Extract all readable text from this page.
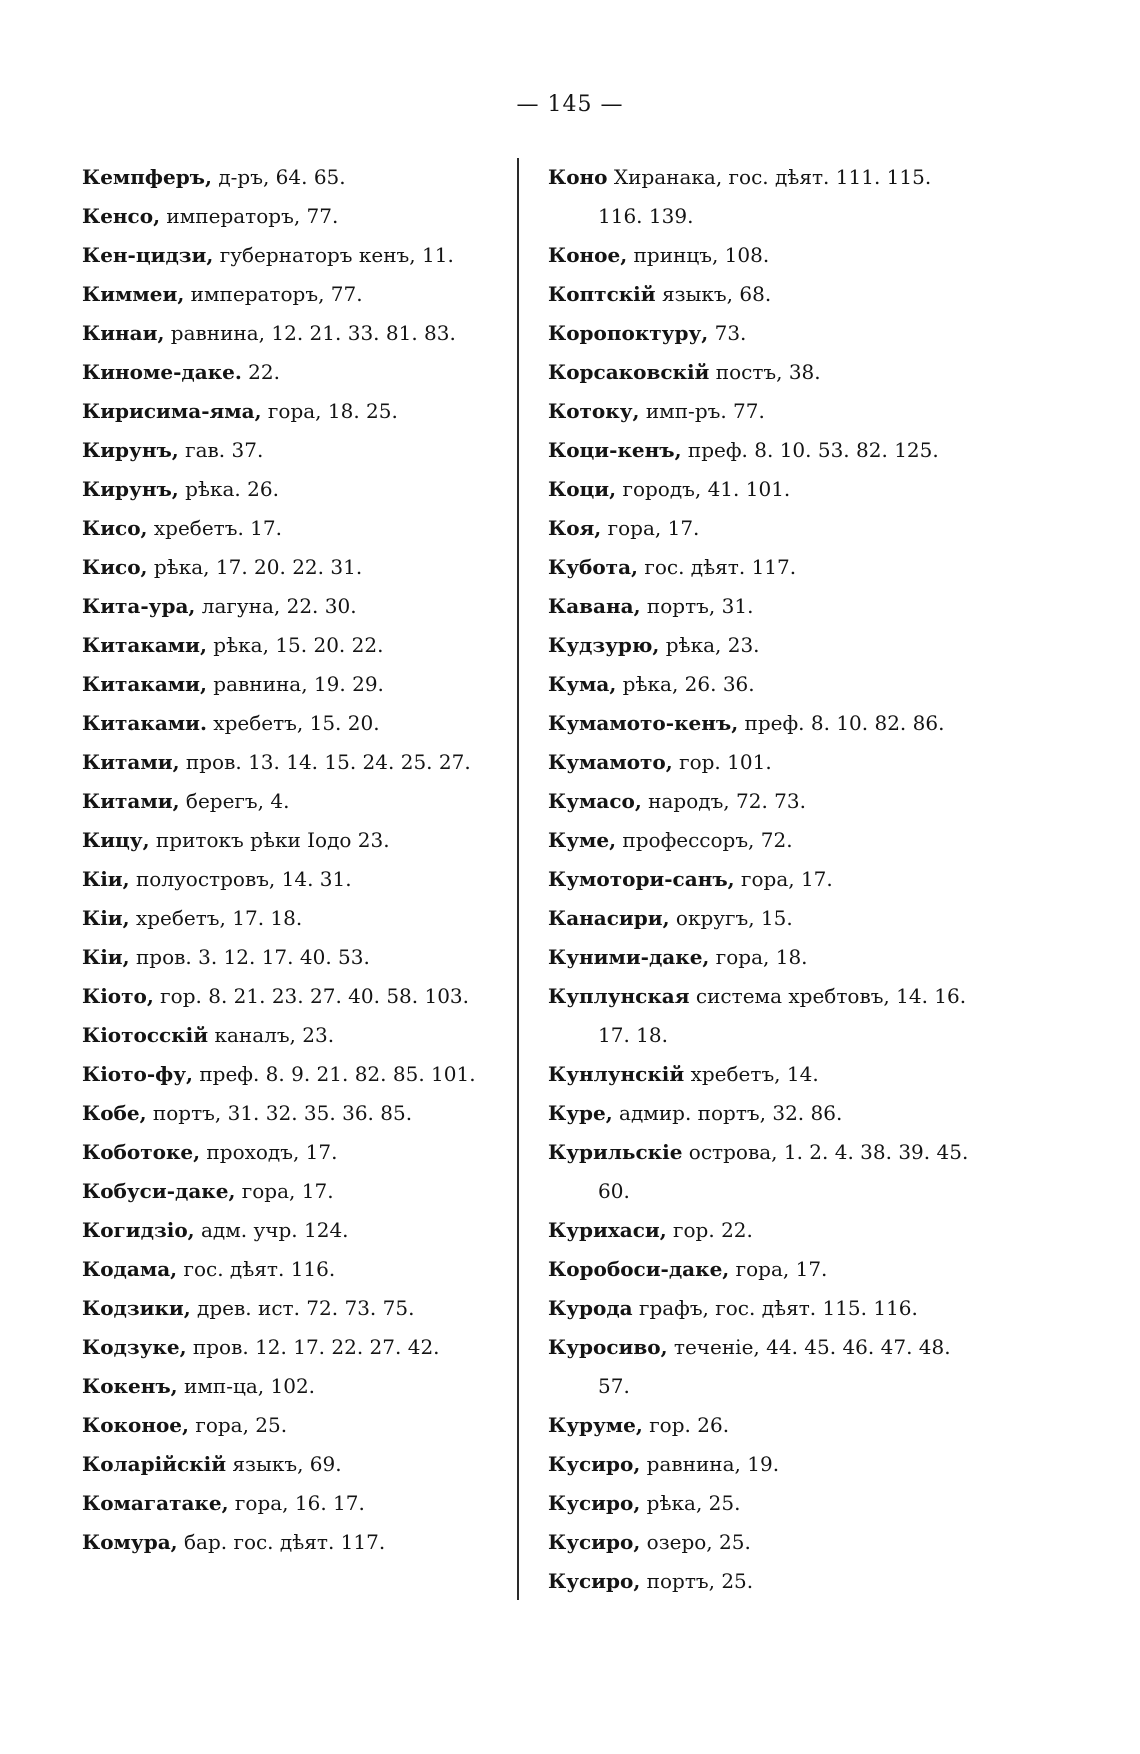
— 145 —
Кемпферъ, д-ръ, 64. 65.
Кенсо, императоръ, 77.
Кен-цидзи, губернаторъ кенъ, 11.
Киммеи, императоръ, 77.
Кинаи, равнина, 12. 21. 33. 81. 83.
Киноме-даке. 22.
Кирисима-яма, гора, 18. 25.
Кирунъ, гав. 37.
Кирунъ, рѣка. 26.
Кисо, хребетъ. 17.
Кисо, рѣка, 17. 20. 22. 31.
Кита-ура, лагуна, 22. 30.
Китаками, рѣка, 15. 20. 22.
Китаками, равнина, 19. 29.
Китаками. хребетъ, 15. 20.
Китами, пров. 13. 14. 15. 24. 25. 27.
Китами, берегъ, 4.
Кицу, притокъ рѣки Іодо 23.
Кіи, полуостровъ, 14. 31.
Кіи, хребетъ, 17. 18.
Кіи, пров. 3. 12. 17. 40. 53.
Кіото, гор. 8. 21. 23. 27. 40. 58. 103.
Кіотосскій каналъ, 23.
Кіото-фу, преф. 8. 9. 21. 82. 85. 101.
Кобе, портъ, 31. 32. 35. 36. 85.
Коботоке, проходъ, 17.
Кобуси-даке, гора, 17.
Когидзіо, адм. учр. 124.
Кодама, гос. дѣят. 116.
Кодзики, древ. ист. 72. 73. 75.
Кодзуке, пров. 12. 17. 22. 27. 42.
Кокенъ, имп-ца, 102.
Коконое, гора, 25.
Коларійскій языкъ, 69.
Комагатаке, гора, 16. 17.
Комура, бар. гос. дѣят. 117.
Коно Хиранака, гос. дѣят. 111. 115.
116. 139.
Коное, принцъ, 108.
Коптскій языкъ, 68.
Коропоктуру, 73.
Корсаковскій постъ, 38.
Котоку, имп-ръ. 77.
Коци-кенъ, преф. 8. 10. 53. 82. 125.
Коци, городъ, 41. 101.
Коя, гора, 17.
Кубота, гос. дѣят. 117.
Кавана, портъ, 31.
Кудзурю, рѣка, 23.
Кума, рѣка, 26. 36.
Кумамото-кенъ, преф. 8. 10. 82. 86.
Кумамото, гор. 101.
Кумасо, народъ, 72. 73.
Куме, профессоръ, 72.
Кумотори-санъ, гора, 17.
Канасири, округъ, 15.
Куними-даке, гора, 18.
Куплунская система хребтовъ, 14. 16.
17. 18.
Кунлунскій хребетъ, 14.
Куре, адмир. портъ, 32. 86.
Курильскіе острова, 1. 2. 4. 38. 39. 45.
60.
Курихаси, гор. 22.
Коробоси-даке, гора, 17.
Курода графъ, гос. дѣят. 115. 116.
Куросиво, теченіе, 44. 45. 46. 47. 48.
57.
Куруме, гор. 26.
Кусиро, равнина, 19.
Кусиро, рѣка, 25.
Кусиро, озеро, 25.
Кусиро, портъ, 25.
